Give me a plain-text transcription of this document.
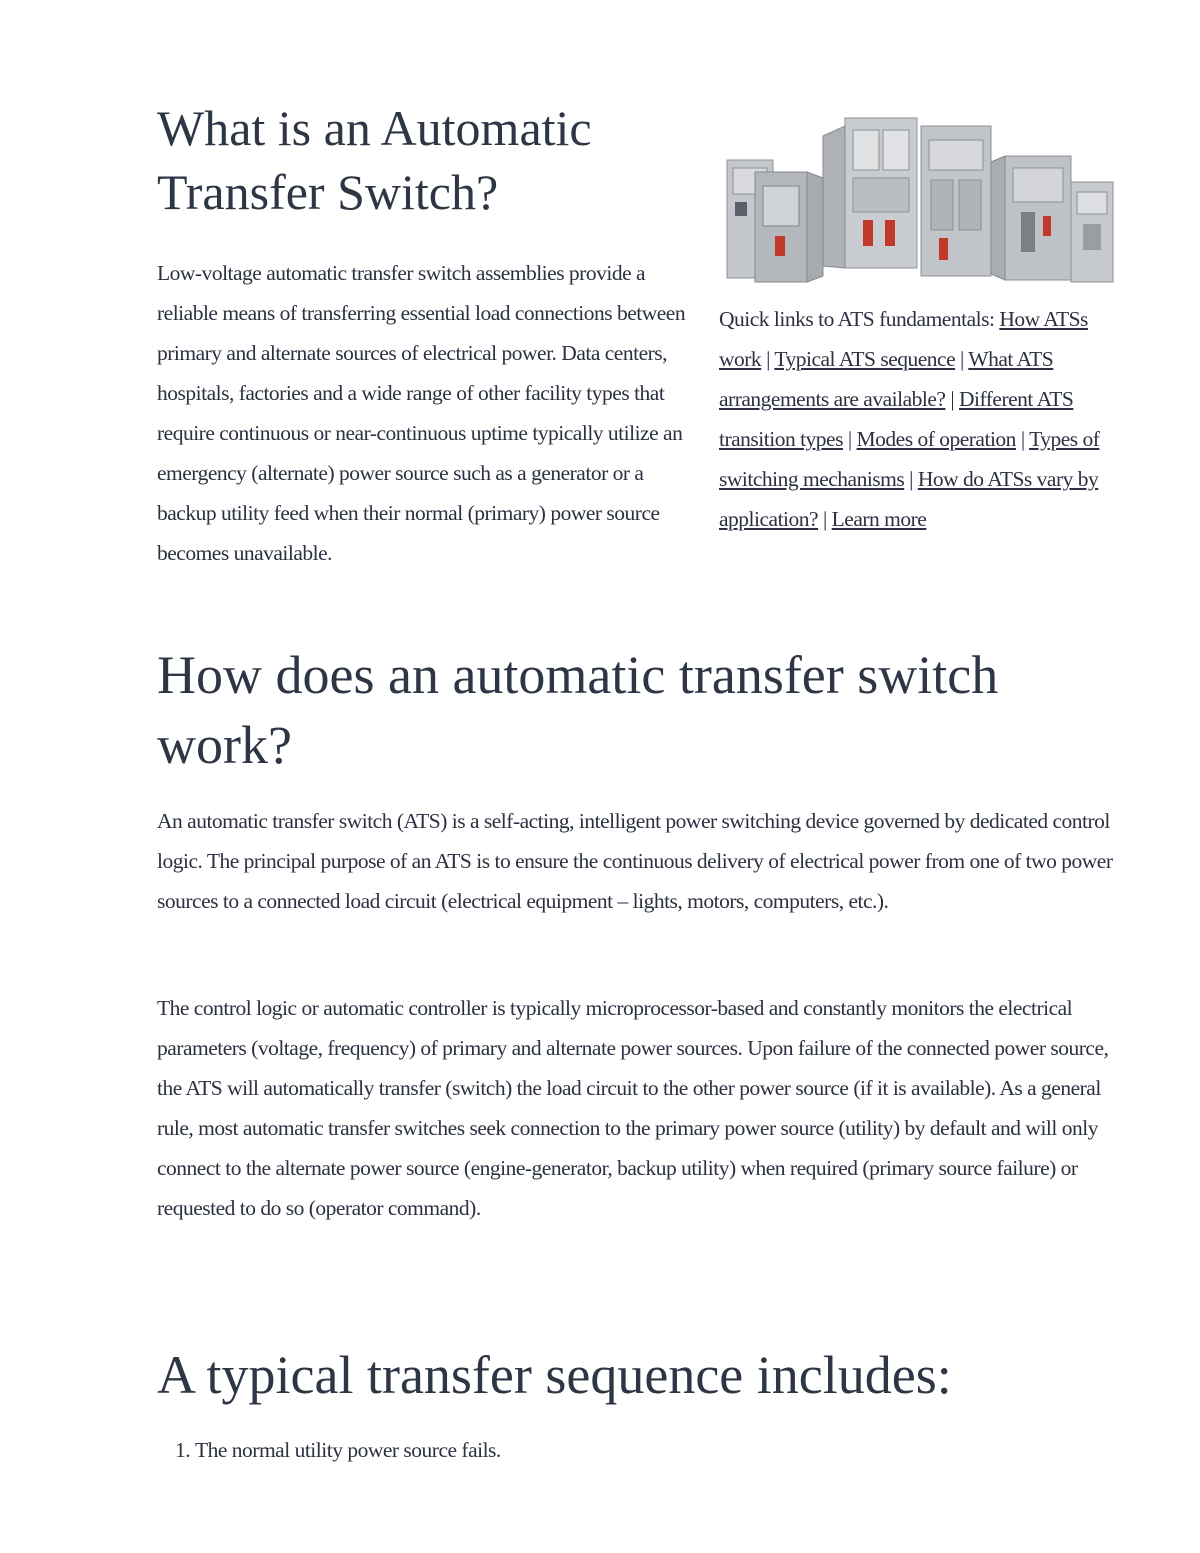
What is an Automatic Transfer Switch?

Low-voltage automatic transfer switch assemblies provide a reliable means of transferring essential load connections between primary and alternate sources of electrical power. Data centers, hospitals, factories and a wide range of other facility types that require continuous or near-continuous uptime typically utilize an emergency (alternate) power source such as a generator or a backup utility feed when their normal (primary) power source becomes unavailable.

Quick links to ATS fundamentals: How ATSs work | Typical ATS sequence | What ATS arrangements are available? | Different ATS transition types | Modes of operation | Types of switching mechanisms | How do ATSs vary by application? | Learn more

How does an automatic transfer switch work?

An automatic transfer switch (ATS) is a self-acting, intelligent power switching device governed by dedicated control logic. The principal purpose of an ATS is to ensure the continuous delivery of electrical power from one of two power sources to a connected load circuit (electrical equipment – lights, motors, computers, etc.).

The control logic or automatic controller is typically microprocessor-based and constantly monitors the electrical parameters (voltage, frequency) of primary and alternate power sources. Upon failure of the connected power source, the ATS will automatically transfer (switch) the load circuit to the other power source (if it is available). As a general rule, most automatic transfer switches seek connection to the primary power source (utility) by default and will only connect to the alternate power source (engine-generator, backup utility) when required (primary source failure) or requested to do so (operator command).

A typical transfer sequence includes:
1. The normal utility power source fails.
